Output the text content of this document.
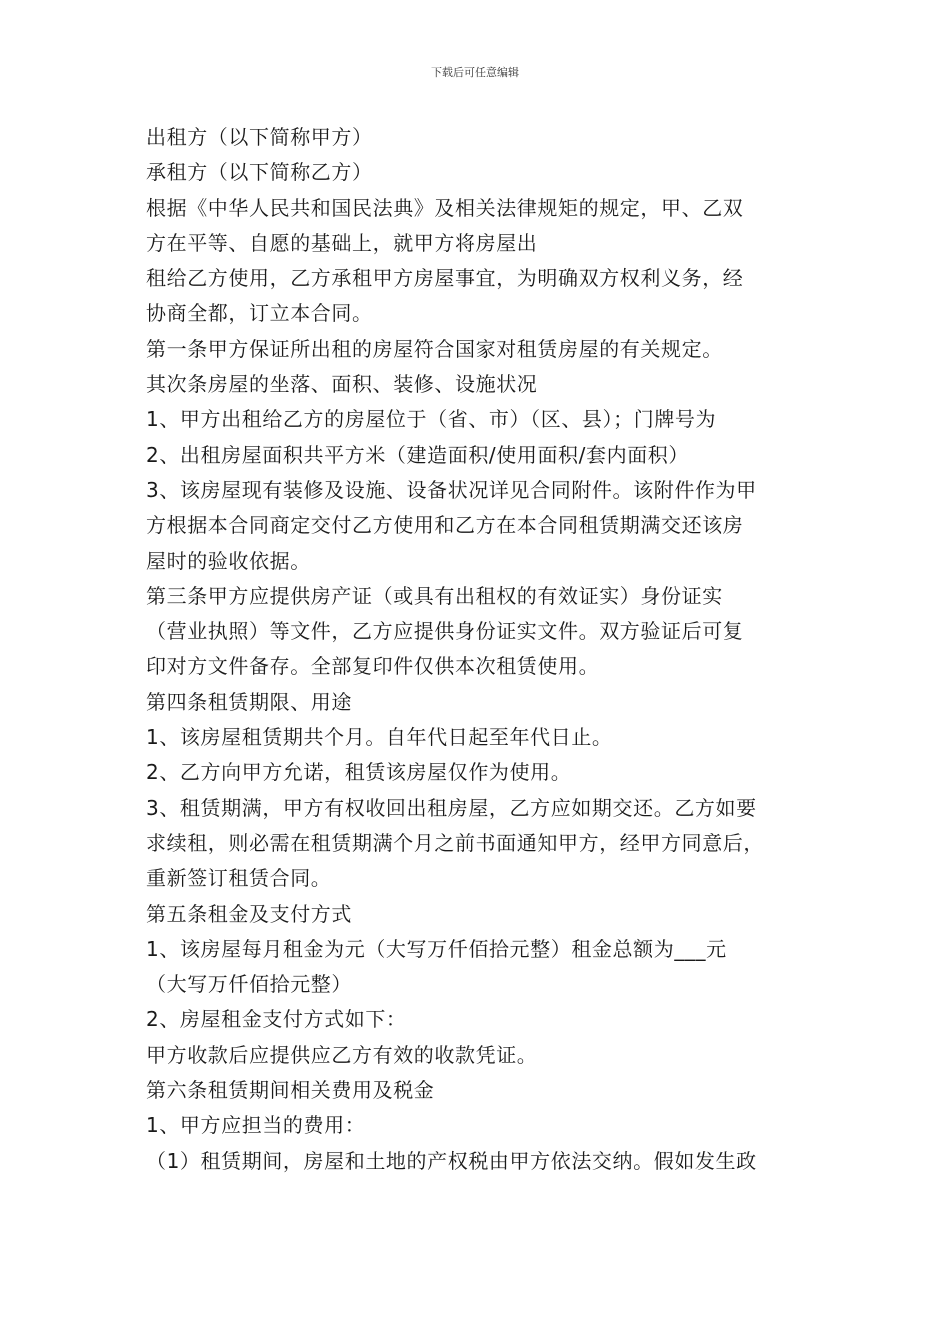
下载后可任意编辑
出租方（以下简称甲方）
承租方（以下简称乙方）
根据《中华人民共和国民法典》及相关法律规矩的规定，甲、乙双
方在平等、自愿的基础上，就甲方将房屋出
租给乙方使用，乙方承租甲方房屋事宜，为明确双方权利义务，经
协商全都，订立本合同。
第一条甲方保证所出租的房屋符合国家对租赁房屋的有关规定。
其次条房屋的坐落、面积、装修、设施状况
1、甲方出租给乙方的房屋位于（省、市）（区、县）；门牌号为
2、出租房屋面积共平方米（建造面积/使用面积/套内面积）
3、该房屋现有装修及设施、设备状况详见合同附件。该附件作为甲
方根据本合同商定交付乙方使用和乙方在本合同租赁期满交还该房
屋时的验收依据。
第三条甲方应提供房产证（或具有出租权的有效证实）身份证实
（营业执照）等文件，乙方应提供身份证实文件。双方验证后可复
印对方文件备存。全部复印件仅供本次租赁使用。
第四条租赁期限、用途
1、该房屋租赁期共个月。自年代日起至年代日止。
2、乙方向甲方允诺，租赁该房屋仅作为使用。
3、租赁期满，甲方有权收回出租房屋，乙方应如期交还。乙方如要
求续租，则必需在租赁期满个月之前书面通知甲方，经甲方同意后，
重新签订租赁合同。
第五条租金及支付方式
1、该房屋每月租金为元（大写万仟佰拾元整）租金总额为___元
（大写万仟佰拾元整）
2、房屋租金支付方式如下：
甲方收款后应提供应乙方有效的收款凭证。
第六条租赁期间相关费用及税金
1、甲方应担当的费用：
（1）租赁期间，房屋和土地的产权税由甲方依法交纳。假如发生政
